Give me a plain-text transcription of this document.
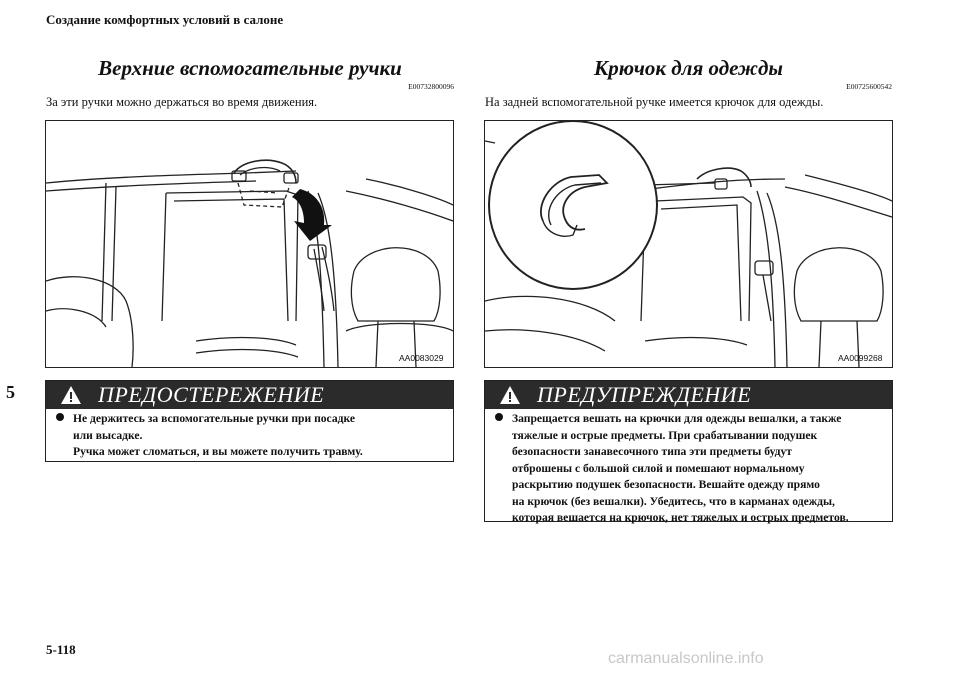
Создание комфортных условий в салоне
Верхние вспомогательные ручки
E00732800096
За эти ручки можно держаться во время движения.
AA0083029
ПРЕДОСТЕРЕЖЕНИЕ
Не держитесь за вспомогательные ручки при посадке
или высадке.
Ручка может сломаться, и вы можете получить травму.
5
Крючок для одежды
E00725600542
На задней вспомогательной ручке имеется крючок для одежды.
AA0099268
ПРЕДУПРЕЖДЕНИЕ
Запрещается вешать на крючки для одежды вешалки, а также
тяжелые и острые предметы. При срабатывании подушек
безопасности занавесочного типа эти предметы будут
отброшены с большой силой и помешают нормальному
раскрытию подушек безопасности. Вешайте одежду прямо
на крючок (без вешалки). Убедитесь, что в карманах одежды,
которая вешается на крючок, нет тяжелых и острых предметов.
5-118
carmanualsonline.info
